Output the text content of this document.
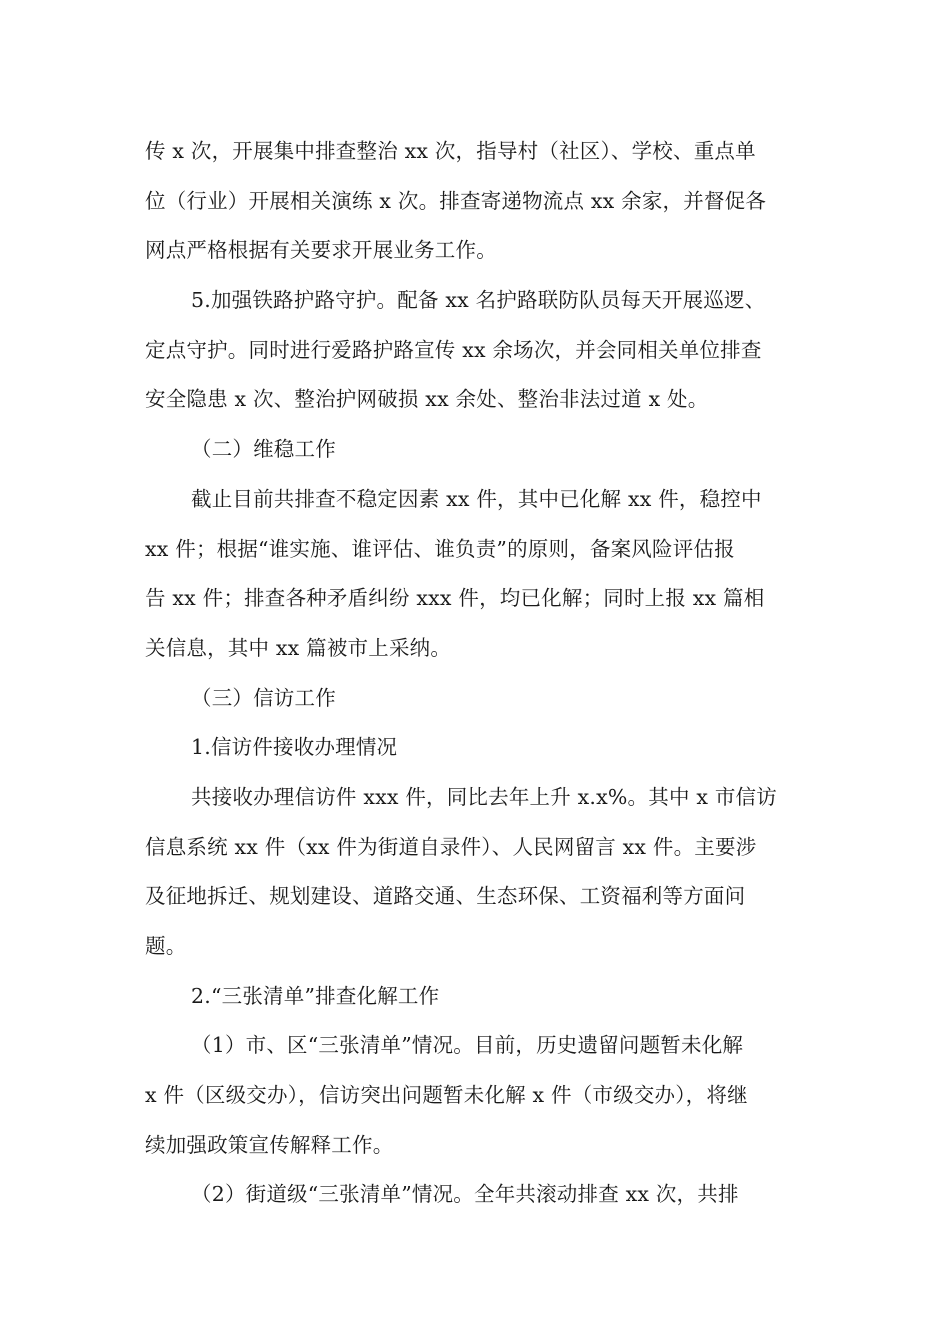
传 x 次，开展集中排查整治 xx 次，指导村（社区）、学校、重点单
位（行业）开展相关演练 x 次。排查寄递物流点 xx 余家，并督促各
网点严格根据有关要求开展业务工作。
5.加强铁路护路守护。配备 xx 名护路联防队员每天开展巡逻、
定点守护。同时进行爱路护路宣传 xx 余场次，并会同相关单位排查
安全隐患 x 次、整治护网破损 xx 余处、整治非法过道 x 处。
（二）维稳工作
截止目前共排查不稳定因素 xx 件，其中已化解 xx 件，稳控中
xx 件；根据“谁实施、谁评估、谁负责”的原则，备案风险评估报
告 xx 件；排查各种矛盾纠纷 xxx 件，均已化解；同时上报 xx 篇相
关信息，其中 xx 篇被市上采纳。
（三）信访工作
1.信访件接收办理情况
共接收办理信访件 xxx 件，同比去年上升 x.x%。其中 x 市信访
信息系统 xx 件（xx 件为街道自录件）、人民网留言 xx 件。主要涉
及征地拆迁、规划建设、道路交通、生态环保、工资福利等方面问
题。
2.“三张清单”排查化解工作
（1）市、区“三张清单”情况。目前，历史遗留问题暂未化解
x 件（区级交办），信访突出问题暂未化解 x 件（市级交办），将继
续加强政策宣传解释工作。
（2）街道级“三张清单”情况。全年共滚动排查 xx 次，共排
